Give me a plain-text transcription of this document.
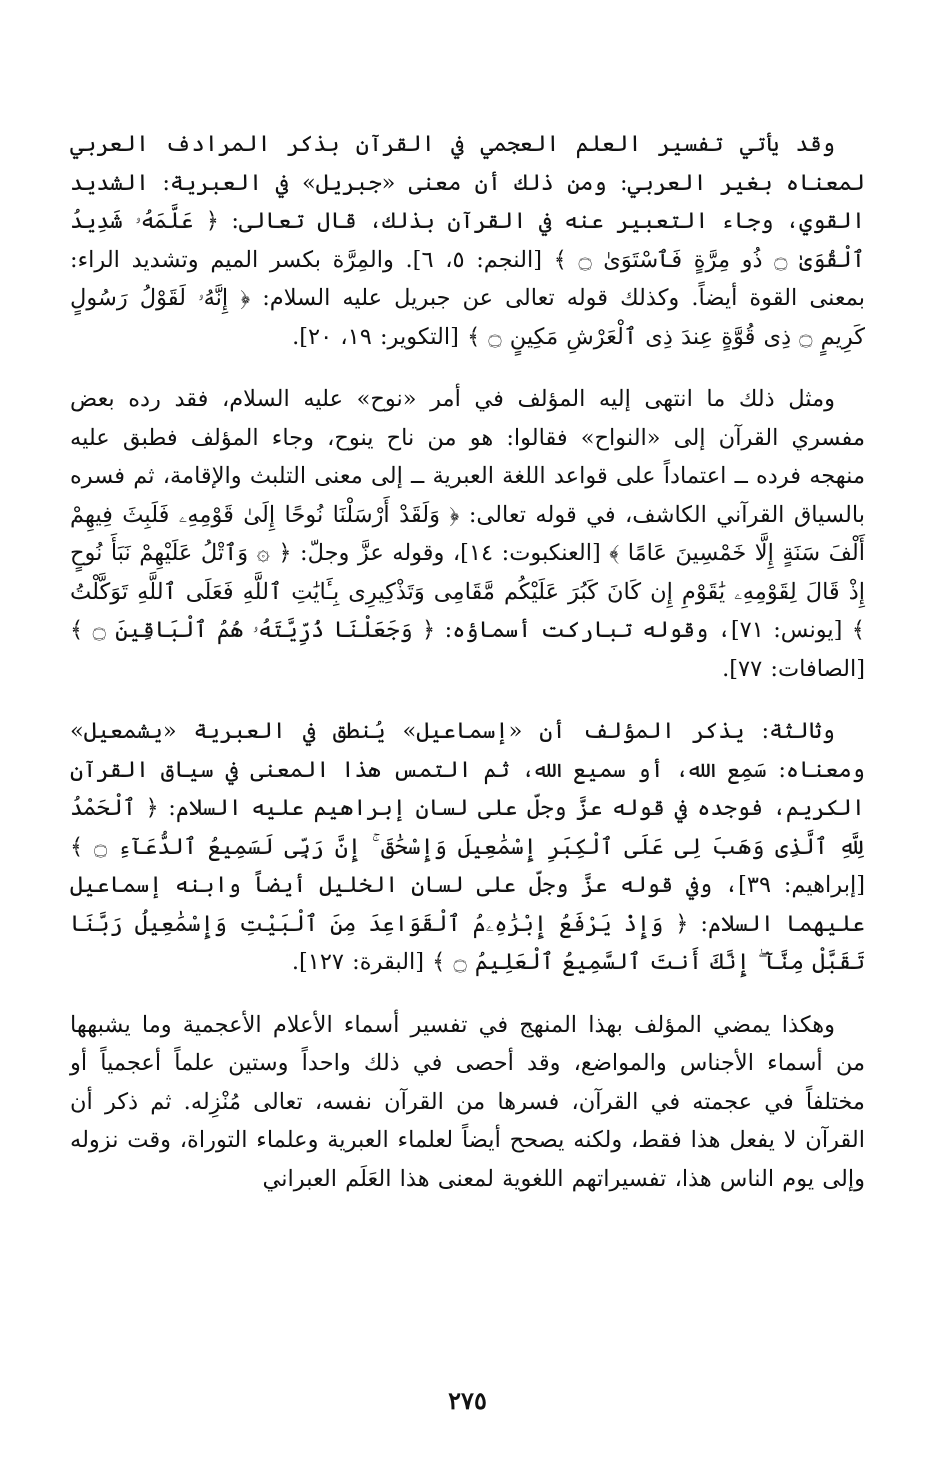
وقد يأتي تفسير العلم العجمي في القرآن بذكر المرادف العربي لمعناه بغير العربي: ومن ذلك أن معنى «جبريل» في العبرية: الشديد القوي، وجاء التعبير عنه في القرآن بذلك، قال تعالى: ﴿ عَلَّمَهُۥ شَدِيدُ ٱلْقُوَىٰ ۝ ذُو مِرَّةٍ فَٱسْتَوَىٰ ۝ ﴾ [النجم: ٥، ٦]. والمِرَّة بكسر الميم وتشديد الراء: بمعنى القوة أيضاً. وكذلك قوله تعالى عن جبريل عليه السلام: ﴿ إِنَّهُۥ لَقَوْلُ رَسُولٍ كَرِيمٍ ۝ ذِى قُوَّةٍ عِندَ ذِى ٱلْعَرْشِ مَكِينٍ ۝ ﴾ [التكوير: ١٩، ٢٠].

ومثل ذلك ما انتهى إليه المؤلف في أمر «نوح» عليه السلام، فقد رده بعض مفسري القرآن إلى «النواح» فقالوا: هو من ناح ينوح، وجاء المؤلف فطبق عليه منهجه فرده ــ اعتماداً على قواعد اللغة العبرية ــ إلى معنى التلبث والإقامة، ثم فسره بالسياق القرآني الكاشف، في قوله تعالى: ﴿ وَلَقَدْ أَرْسَلْنَا نُوحًا إِلَىٰ قَوْمِهِۦ فَلَبِثَ فِيهِمْ أَلْفَ سَنَةٍ إِلَّا خَمْسِينَ عَامًا ﴾ [العنكبوت: ١٤]، وقوله عزَّ وجلّ: ﴿ ۞ وَٱتْلُ عَلَيْهِمْ نَبَأَ نُوحٍ إِذْ قَالَ لِقَوْمِهِۦ يَٰقَوْمِ إِن كَانَ كَبُرَ عَلَيْكُم مَّقَامِى وَتَذْكِيرِى بِـَٔايَٰتِ ٱللَّهِ فَعَلَى ٱللَّهِ تَوَكَّلْتُ ﴾ [يونس: ٧١]، وقوله تباركت أسماؤه: ﴿ وَجَعَلْنَا ذُرِّيَّتَهُۥ هُمُ ٱلْبَاقِينَ ۝ ﴾ [الصافات: ٧٧].

وثالثة: يذكر المؤلف أن «إسماعيل» يُنطق في العبرية «يشمعيل» ومعناه: سَمِع الله، أو سميع الله، ثم التمس هذا المعنى في سياق القرآن الكريم، فوجده في قوله عزَّ وجلّ على لسان إبراهيم عليه السلام: ﴿ ٱلْحَمْدُ لِلَّهِ ٱلَّذِى وَهَبَ لِى عَلَى ٱلْكِبَرِ إِسْمَٰعِيلَ وَإِسْحَٰقَ ۚ إِنَّ رَبِّى لَسَمِيعُ ٱلدُّعَآءِ ۝ ﴾ [إبراهيم: ٣٩]، وفي قوله عزَّ وجلّ على لسان الخليل أيضاً وابنه إسماعيل عليهما السلام: ﴿ وَإِذْ يَرْفَعُ إِبْرَٰهِۦمُ ٱلْقَوَاعِدَ مِنَ ٱلْبَيْتِ وَإِسْمَٰعِيلُ رَبَّنَا تَقَبَّلْ مِنَّآ ۖ إِنَّكَ أَنتَ ٱلسَّمِيعُ ٱلْعَلِيمُ ۝ ﴾ [البقرة: ١٢٧].

وهكذا يمضي المؤلف بهذا المنهج في تفسير أسماء الأعلام الأعجمية وما يشبهها من أسماء الأجناس والمواضع، وقد أحصى في ذلك واحداً وستين علماً أعجمياً أو مختلفاً في عجمته في القرآن، فسرها من القرآن نفسه، تعالى مُنْزِله. ثم ذكر أن القرآن لا يفعل هذا فقط، ولكنه يصحح أيضاً لعلماء العبرية وعلماء التوراة، وقت نزوله وإلى يوم الناس هذا، تفسيراتهم اللغوية لمعنى هذا العَلَم العبراني

٢٧٥
